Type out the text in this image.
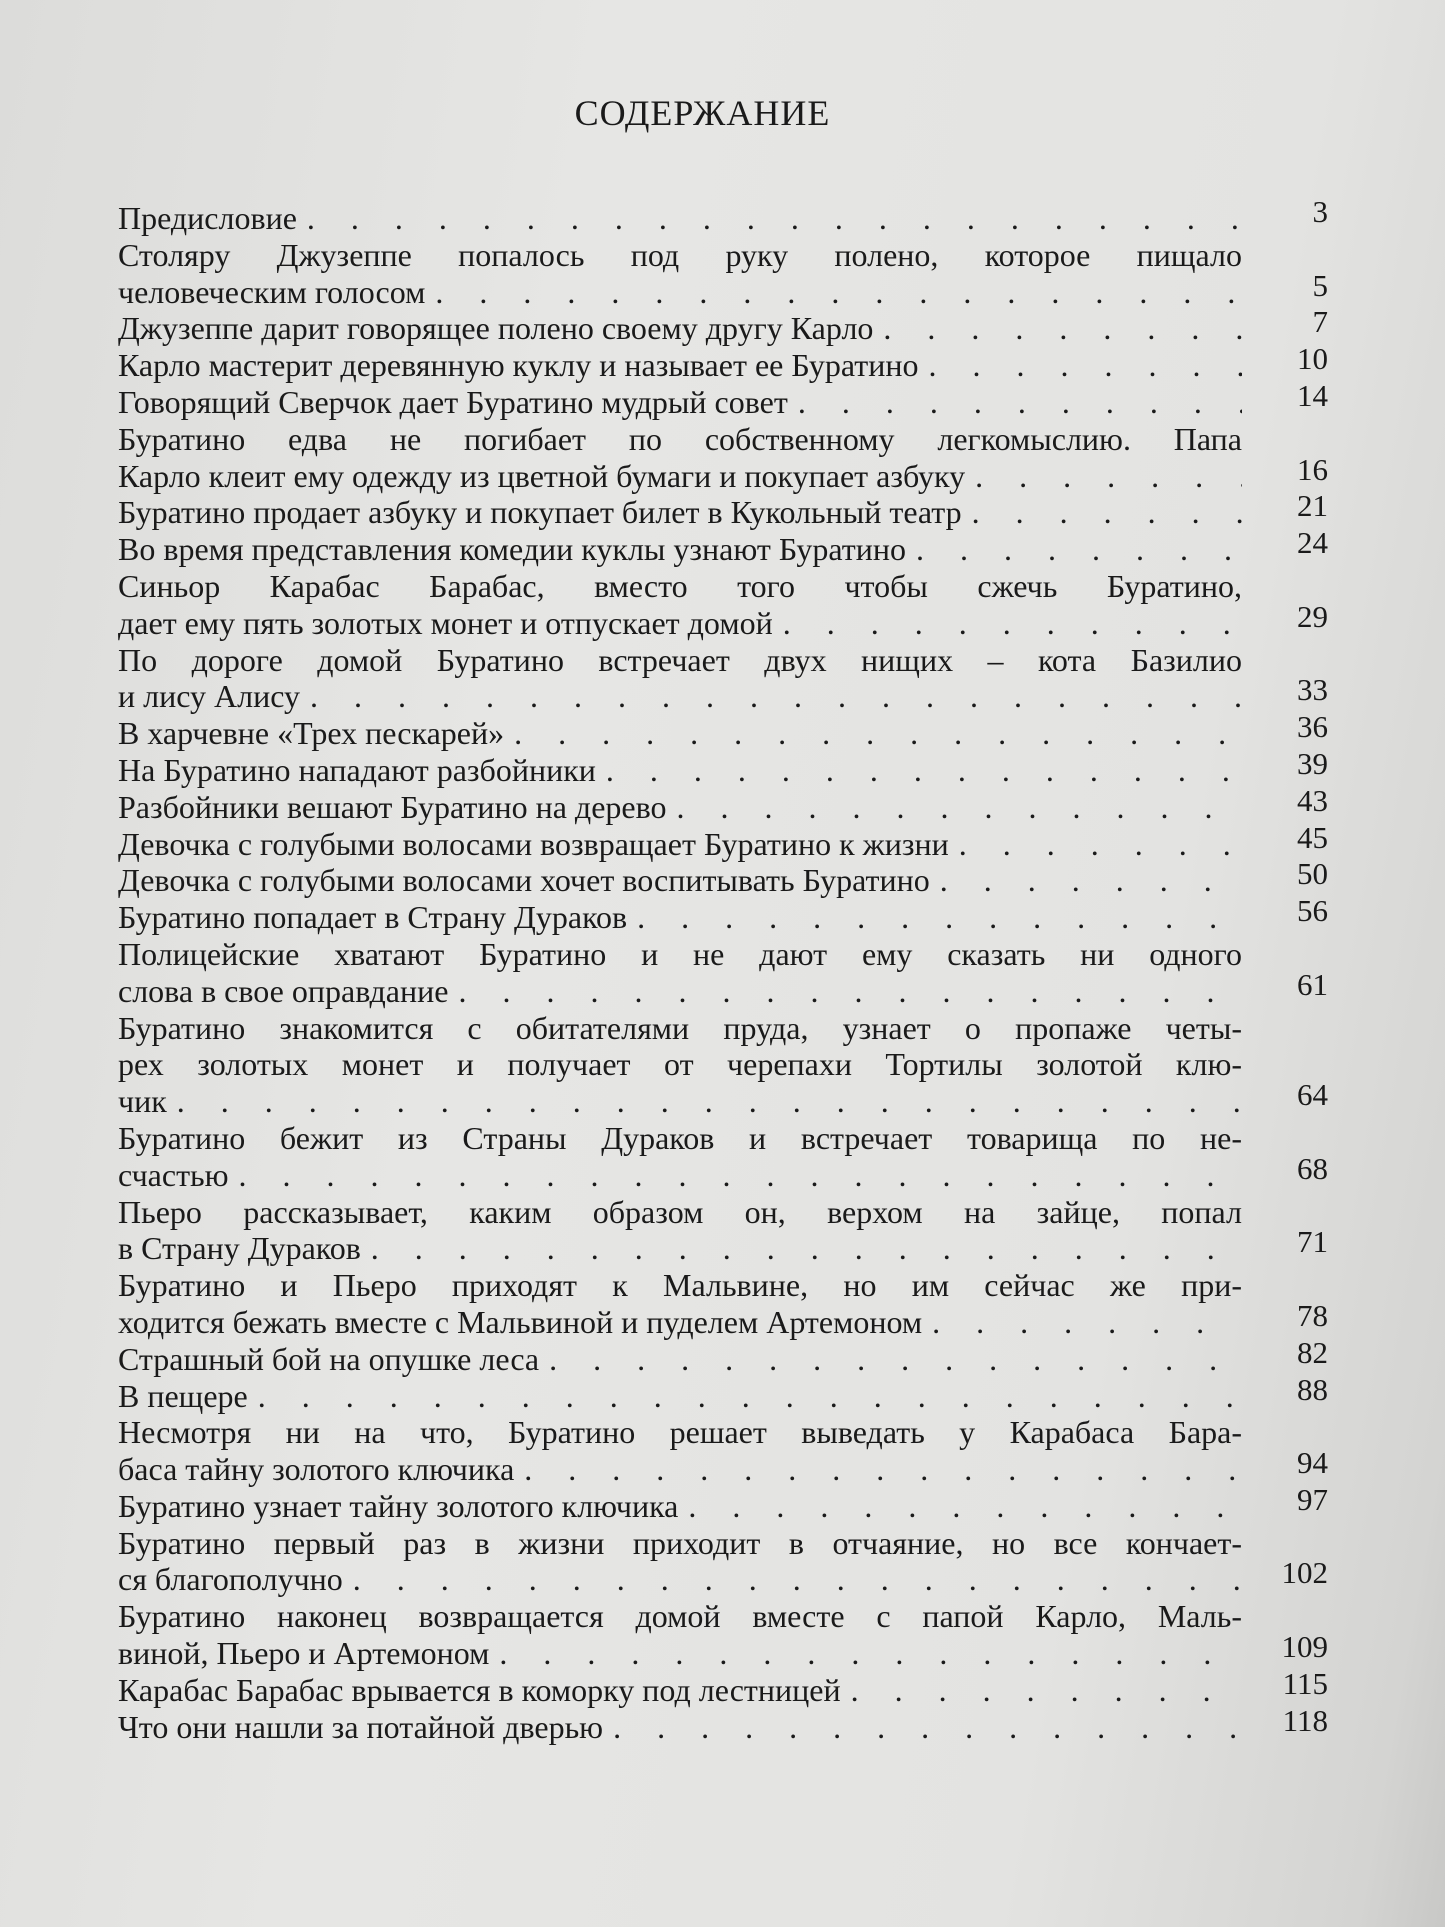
СОДЕРЖАНИЕ
Предисловие . . .	3
Столяру Джузеппе попалось под руку полено, которое пищало
человеческим голосом . . .	5
Джузеппе дарит говорящее полено своему другу Карло . . .	7
Карло мастерит деревянную куклу и называет ее Буратино . . .	10
Говорящий Сверчок дает Буратино мудрый совет . . .	14
Буратино едва не погибает по собственному легкомыслию. Папа
Карло клеит ему одежду из цветной бумаги и покупает азбуку . . .	16
Буратино продает азбуку и покупает билет в Кукольный театр . . .	21
Во время представления комедии куклы узнают Буратино . . .	24
Синьор Карабас Барабас, вместо того чтобы сжечь Буратино,
дает ему пять золотых монет и отпускает домой . . .	29
По дороге домой Буратино встречает двух нищих – кота Базилио
и лису Алису . . .	33
В харчевне «Трех пескарей» . . .	36
На Буратино нападают разбойники . . .	39
Разбойники вешают Буратино на дерево . . .	43
Девочка с голубыми волосами возвращает Буратино к жизни . . .	45
Девочка с голубыми волосами хочет воспитывать Буратино . . .	50
Буратино попадает в Страну Дураков . . .	56
Полицейские хватают Буратино и не дают ему сказать ни одного
слова в свое оправдание . . .	61
Буратино знакомится с обитателями пруда, узнает о пропаже четы-
рех золотых монет и получает от черепахи Тортилы золотой клю-
чик . . .	64
Буратино бежит из Страны Дураков и встречает товарища по не-
счастью . . .	68
Пьеро рассказывает, каким образом он, верхом на зайце, попал
в Страну Дураков . . .	71
Буратино и Пьеро приходят к Мальвине, но им сейчас же при-
ходится бежать вместе с Мальвиной и пуделем Артемоном . . .	78
Страшный бой на опушке леса . . .	82
В пещере . . .	88
Несмотря ни на что, Буратино решает выведать у Карабаса Бара-
баса тайну золотого ключика . . .	94
Буратино узнает тайну золотого ключика . . .	97
Буратино первый раз в жизни приходит в отчаяние, но все кончает-
ся благополучно . . .	102
Буратино наконец возвращается домой вместе с папой Карло, Маль-
виной, Пьеро и Артемоном . . .	109
Карабас Барабас врывается в коморку под лестницей . . .	115
Что они нашли за потайной дверью . . .	118
